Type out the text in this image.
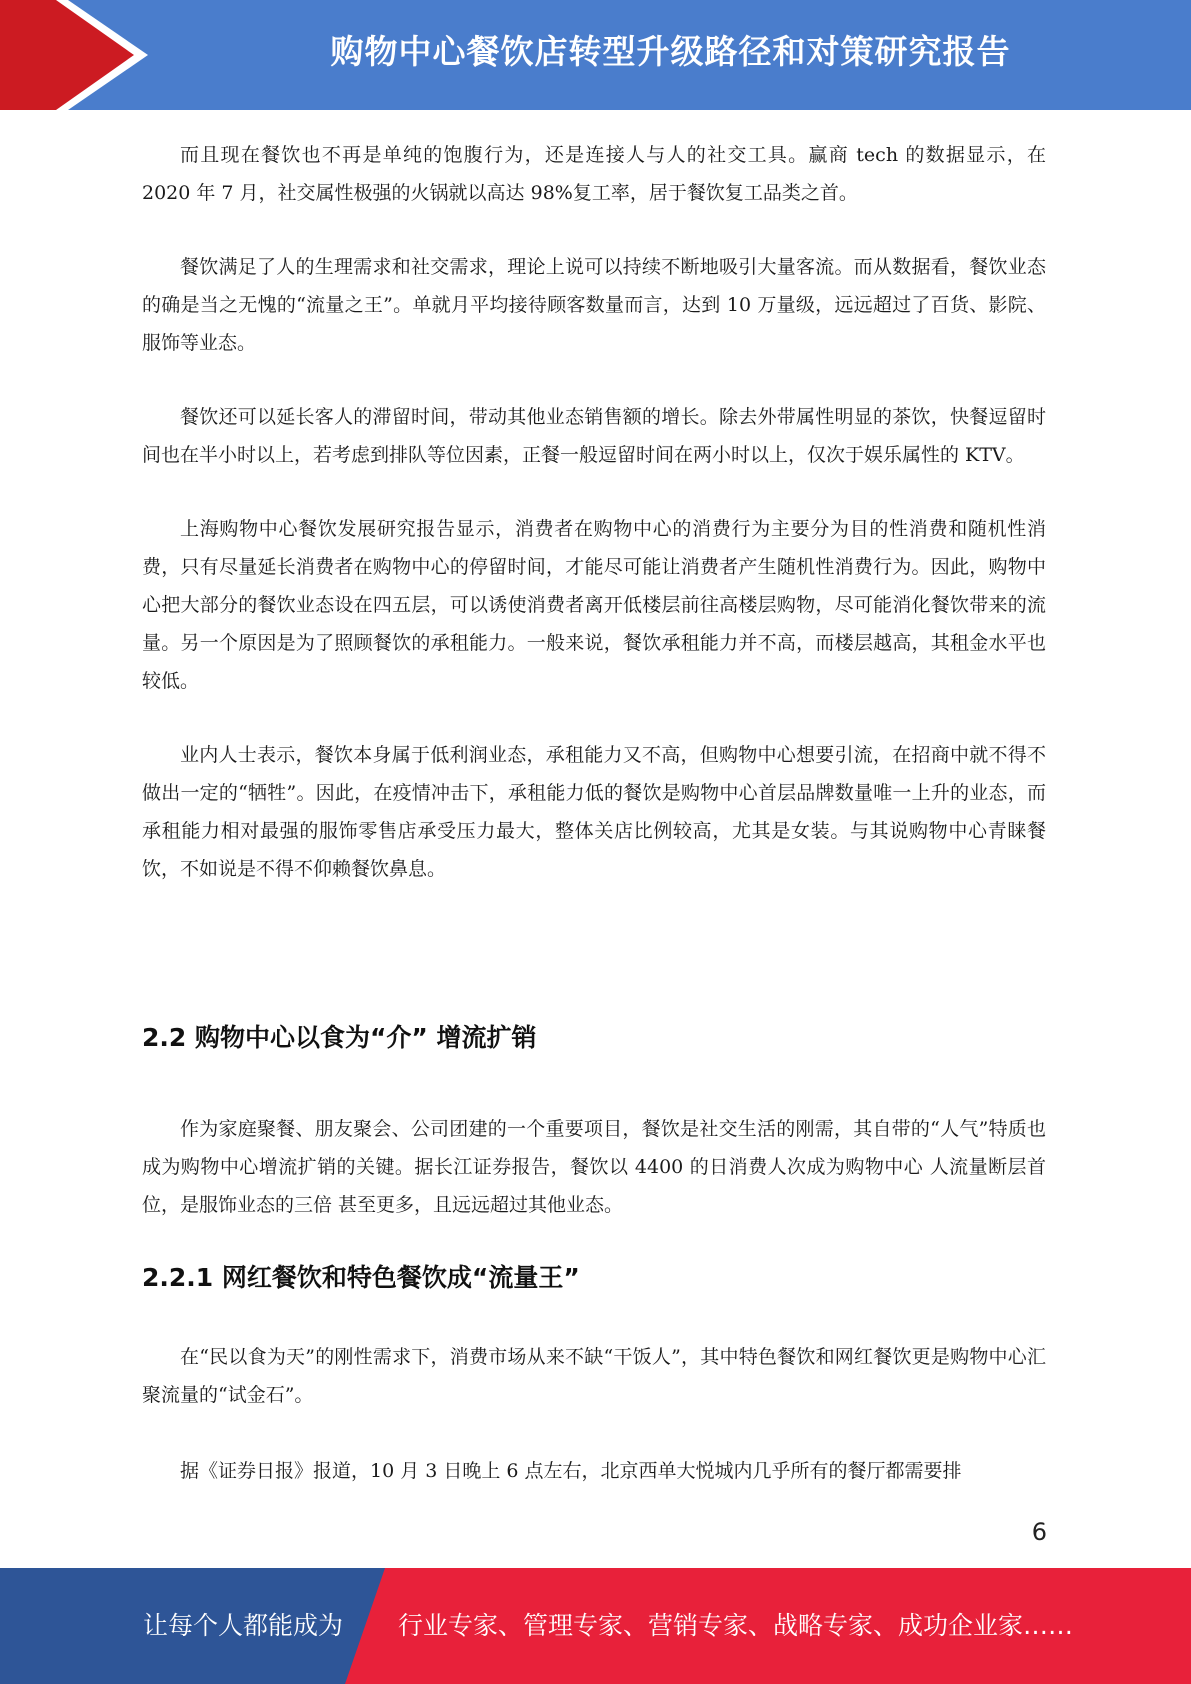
购物中心餐饮店转型升级路径和对策研究报告

而且现在餐饮也不再是单纯的饱腹行为，还是连接人与人的社交工具。赢商 tech 的数据显示，在 2020 年 7 月，社交属性极强的火锅就以高达 98%复工率，居于餐饮复工品类之首。

餐饮满足了人的生理需求和社交需求，理论上说可以持续不断地吸引大量客流。而从数据看，餐饮业态的确是当之无愧的“流量之王”。单就月平均接待顾客数量而言，达到 10 万量级，远远超过了百货、影院、服饰等业态。

餐饮还可以延长客人的滞留时间，带动其他业态销售额的增长。除去外带属性明显的茶饮，快餐逗留时间也在半小时以上，若考虑到排队等位因素，正餐一般逗留时间在两小时以上，仅次于娱乐属性的 KTV。

上海购物中心餐饮发展研究报告显示，消费者在购物中心的消费行为主要分为目的性消费和随机性消费，只有尽量延长消费者在购物中心的停留时间，才能尽可能让消费者产生随机性消费行为。因此，购物中心把大部分的餐饮业态设在四五层，可以诱使消费者离开低楼层前往高楼层购物，尽可能消化餐饮带来的流量。另一个原因是为了照顾餐饮的承租能力。一般来说，餐饮承租能力并不高，而楼层越高，其租金水平也较低。

业内人士表示，餐饮本身属于低利润业态，承租能力又不高，但购物中心想要引流，在招商中就不得不做出一定的“牺牲”。因此，在疫情冲击下，承租能力低的餐饮是购物中心首层品牌数量唯一上升的业态，而承租能力相对最强的服饰零售店承受压力最大，整体关店比例较高，尤其是女装。与其说购物中心青睐餐饮，不如说是不得不仰赖餐饮鼻息。

2.2 购物中心以食为“介” 增流扩销

作为家庭聚餐、朋友聚会、公司团建的一个重要项目，餐饮是社交生活的刚需，其自带的“人气”特质也成为购物中心增流扩销的关键。据长江证券报告，餐饮以 4400 的日消费人次成为购物中心 人流量断层首位，是服饰业态的三倍 甚至更多，且远远超过其他业态。

2.2.1 网红餐饮和特色餐饮成“流量王”

在“民以食为天”的刚性需求下，消费市场从来不缺“干饭人”，其中特色餐饮和网红餐饮更是购物中心汇聚流量的“试金石”。

据《证券日报》报道，10 月 3 日晚上 6 点左右，北京西单大悦城内几乎所有的餐厅都需要排

6
让每个人都能成为 行业专家、管理专家、营销专家、战略专家、成功企业家……
